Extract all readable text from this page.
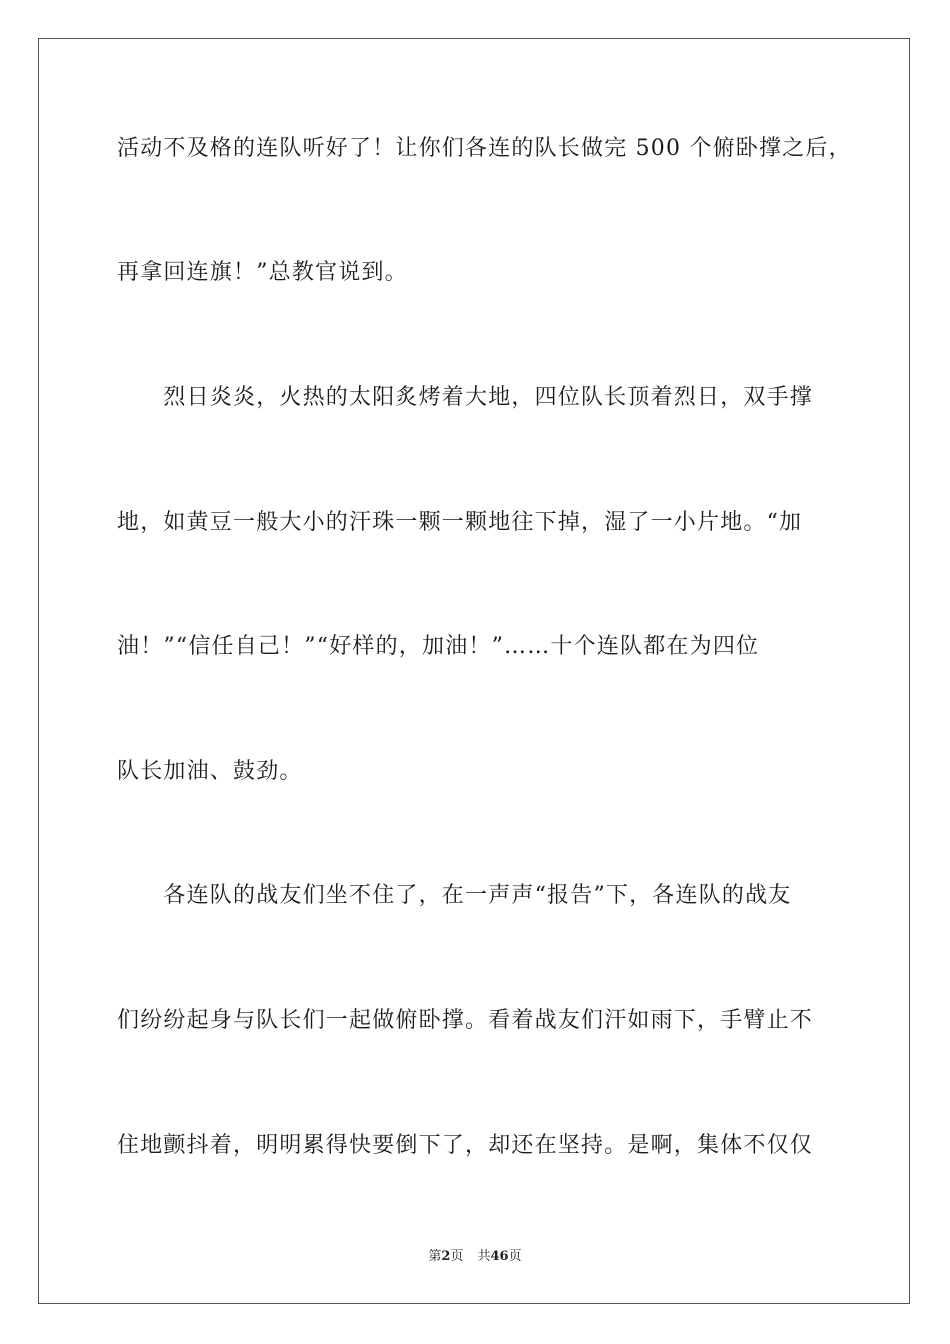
活动不及格的连队听好了！让你们各连的队长做完 500 个俯卧撑之后，
再拿回连旗！”总教官说到。
　　烈日炎炎，火热的太阳炙烤着大地，四位队长顶着烈日，双手撑
地，如黄豆一般大小的汗珠一颗一颗地往下掉，湿了一小片地。“加
油！”“信任自己！”“好样的，加油！”……十个连队都在为四位
队长加油、鼓劲。
　　各连队的战友们坐不住了，在一声声“报告”下，各连队的战友
们纷纷起身与队长们一起做俯卧撑。看着战友们汗如雨下，手臂止不
住地颤抖着，明明累得快要倒下了，却还在坚持。是啊，集体不仅仅
第2页 共46页
